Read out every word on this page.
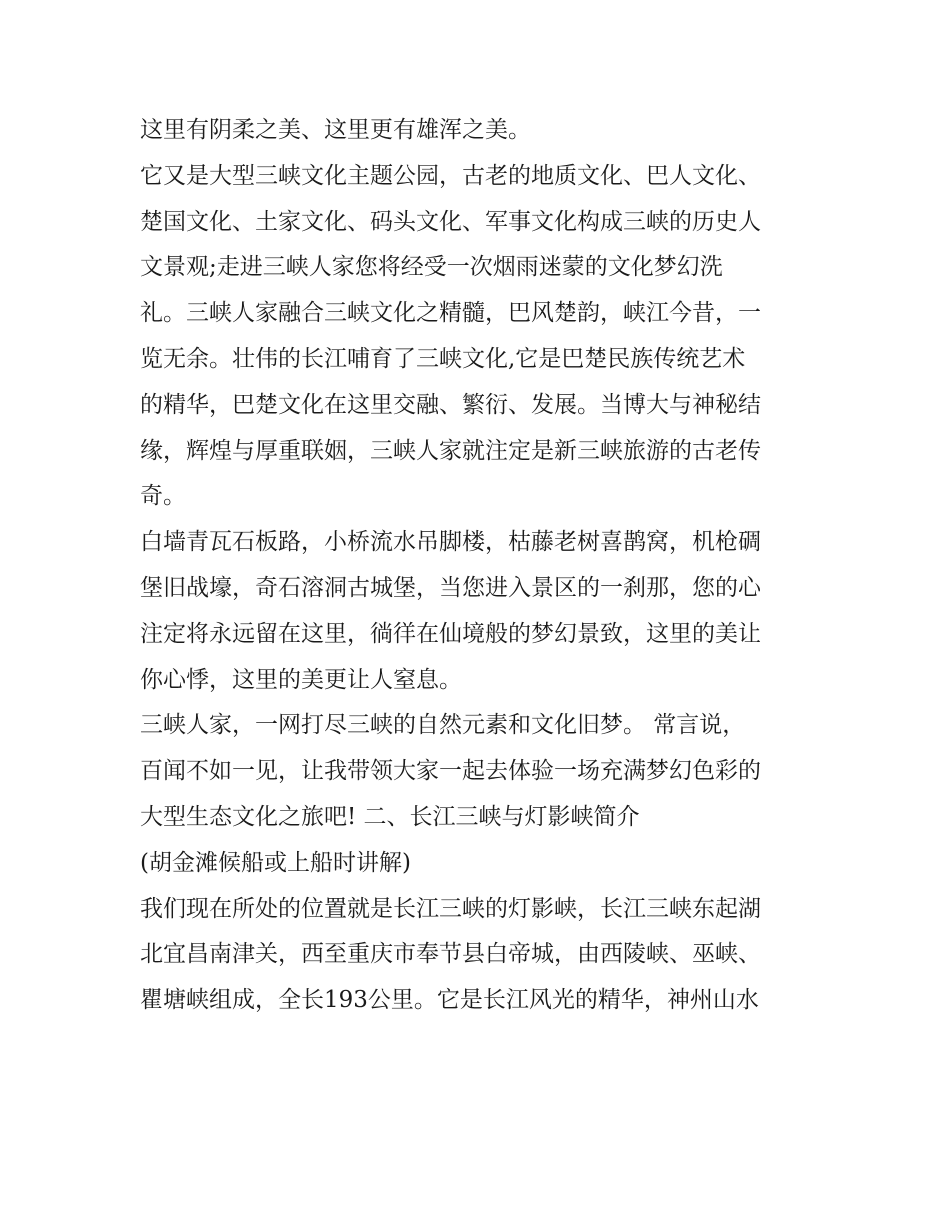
这里有阴柔之美、这里更有雄浑之美。
它又是大型三峡文化主题公园，古老的地质文化、巴人文化、
楚国文化、土家文化、码头文化、军事文化构成三峡的历史人
文景观;走进三峡人家您将经受一次烟雨迷蒙的文化梦幻洗
礼。三峡人家融合三峡文化之精髓，巴风楚韵，峡江今昔，一
览无余。壮伟的长江哺育了三峡文化,它是巴楚民族传统艺术
的精华，巴楚文化在这里交融、繁衍、发展。当博大与神秘结
缘，辉煌与厚重联姻，三峡人家就注定是新三峡旅游的古老传
奇。
白墙青瓦石板路，小桥流水吊脚楼，枯藤老树喜鹊窝，机枪碉
堡旧战壕，奇石溶洞古城堡，当您进入景区的一刹那，您的心
注定将永远留在这里，徜徉在仙境般的梦幻景致，这里的美让
你心悸，这里的美更让人窒息。
三峡人家，一网打尽三峡的自然元素和文化旧梦。 常言说，
百闻不如一见，让我带领大家一起去体验一场充满梦幻色彩的
大型生态文化之旅吧! 二、长江三峡与灯影峡简介
(胡金滩候船或上船时讲解)
我们现在所处的位置就是长江三峡的灯影峡，长江三峡东起湖
北宜昌南津关，西至重庆市奉节县白帝城，由西陵峡、巫峡、
瞿塘峡组成，全长193公里。它是长江风光的精华，神州山水
